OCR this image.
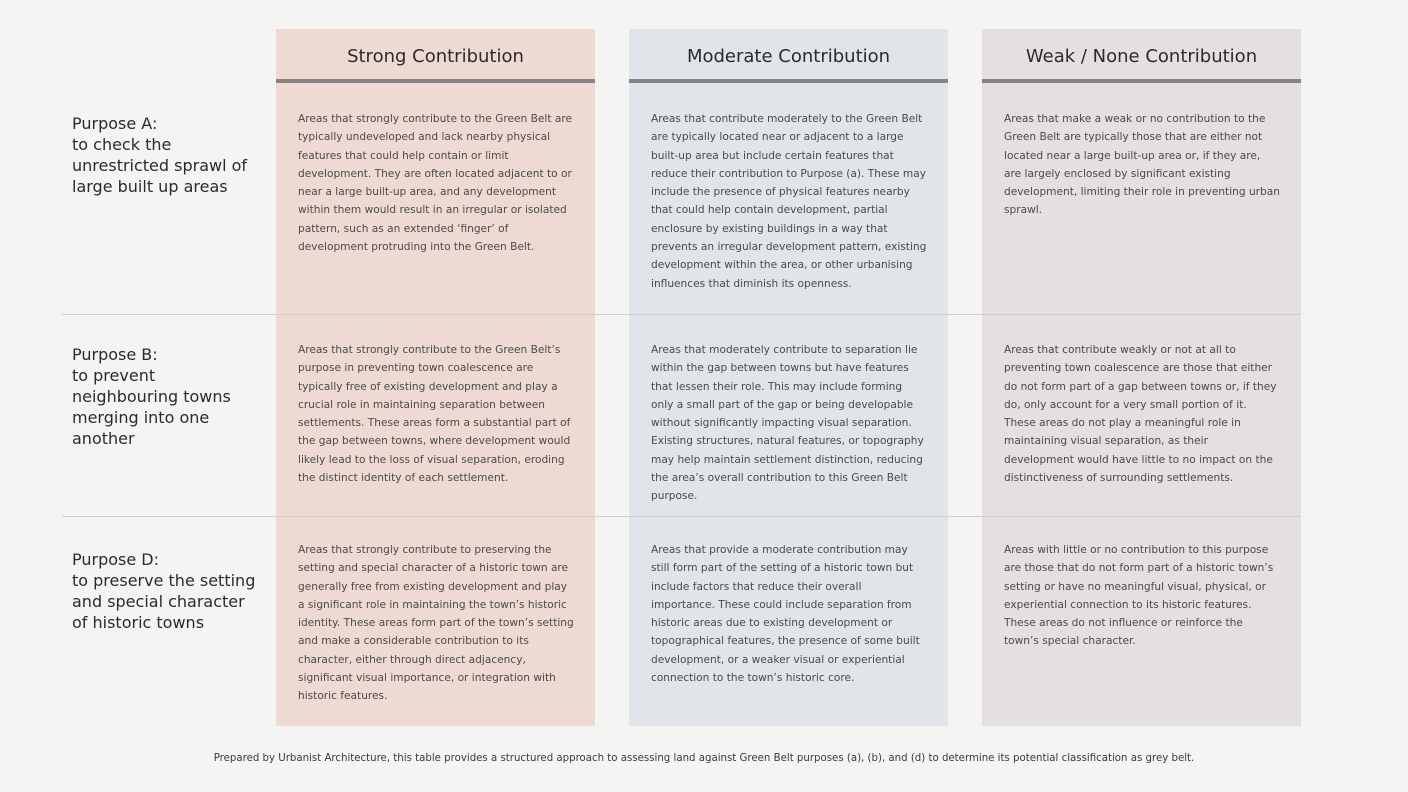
Strong Contribution	Moderate Contribution	Weak / None Contribution
Purpose A:
to check the unrestricted sprawl of large built up areas
Areas that strongly contribute to the Green Belt are typically undeveloped and lack nearby physical features that could help contain or limit development. They are often located adjacent to or near a large built-up area, and any development within them would result in an irregular or isolated pattern, such as an extended ‘finger’ of development protruding into the Green Belt.
Areas that contribute moderately to the Green Belt are typically located near or adjacent to a large built-up area but include certain features that reduce their contribution to Purpose (a). These may include the presence of physical features nearby that could help contain development, partial enclosure by existing buildings in a way that prevents an irregular development pattern, existing development within the area, or other urbanising influences that diminish its openness.
Areas that make a weak or no contribution to the Green Belt are typically those that are either not located near a large built-up area or, if they are, are largely enclosed by significant existing development, limiting their role in preventing urban sprawl.
Purpose B:
to prevent neighbouring towns merging into one another
Areas that strongly contribute to the Green Belt’s purpose in preventing town coalescence are typically free of existing development and play a crucial role in maintaining separation between settlements. These areas form a substantial part of the gap between towns, where development would likely lead to the loss of visual separation, eroding the distinct identity of each settlement.
Areas that moderately contribute to separation lie within the gap between towns but have features that lessen their role. This may include forming only a small part of the gap or being developable without significantly impacting visual separation. Existing structures, natural features, or topography may help maintain settlement distinction, reducing the area’s overall contribution to this Green Belt purpose.
Areas that contribute weakly or not at all to preventing town coalescence are those that either do not form part of a gap between towns or, if they do, only account for a very small portion of it. These areas do not play a meaningful role in maintaining visual separation, as their development would have little to no impact on the distinctiveness of surrounding settlements.
Purpose D:
to preserve the setting and special character of historic towns
Areas that strongly contribute to preserving the setting and special character of a historic town are generally free from existing development and play a significant role in maintaining the town’s historic identity. These areas form part of the town’s setting and make a considerable contribution to its character, either through direct adjacency, significant visual importance, or integration with historic features.
Areas that provide a moderate contribution may still form part of the setting of a historic town but include factors that reduce their overall importance. These could include separation from historic areas due to existing development or topographical features, the presence of some built development, or a weaker visual or experiential connection to the town’s historic core.
Areas with little or no contribution to this purpose are those that do not form part of a historic town’s setting or have no meaningful visual, physical, or experiential connection to its historic features. These areas do not influence or reinforce the town’s special character.
Prepared by Urbanist Architecture, this table provides a structured approach to assessing land against Green Belt purposes (a), (b), and (d) to determine its potential classification as grey belt.
